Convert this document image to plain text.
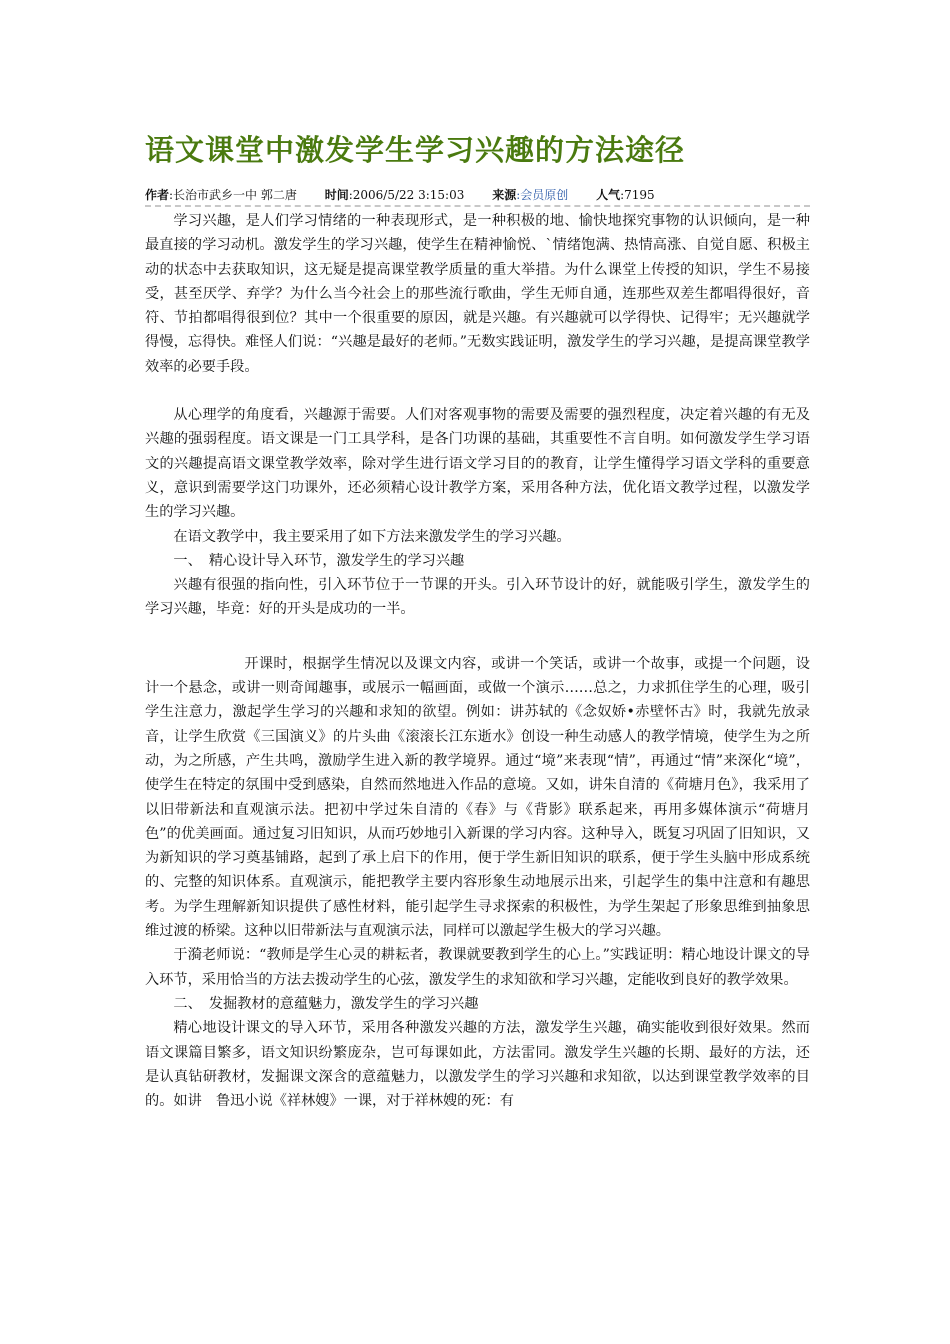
语文课堂中激发学生学习兴趣的方法途径
作者:长治市武乡一中 郭二唐 时间:2006/5/22 3:15:03 来源:会员原创 人气:7195

学习兴趣，是人们学习情绪的一种表现形式，是一种积极的地、愉快地探究事物的认识倾向，是一种最直接的学习动机。激发学生的学习兴趣，使学生在精神愉悦、`情绪饱满、热情高涨、自觉自愿、积极主动的状态中去获取知识，这无疑是提高课堂教学质量的重大举措。为什么课堂上传授的知识，学生不易接受，甚至厌学、弃学？为什么当今社会上的那些流行歌曲，学生无师自通，连那些双差生都唱得很好，音符、节拍都唱得很到位？其中一个很重要的原因，就是兴趣。有兴趣就可以学得快、记得牢；无兴趣就学得慢，忘得快。难怪人们说：“兴趣是最好的老师。”无数实践证明，激发学生的学习兴趣，是提高课堂教学效率的必要手段。

从心理学的角度看，兴趣源于需要。人们对客观事物的需要及需要的强烈程度，决定着兴趣的有无及兴趣的强弱程度。语文课是一门工具学科，是各门功课的基础，其重要性不言自明。如何激发学生学习语文的兴趣提高语文课堂教学效率，除对学生进行语文学习目的的教育，让学生懂得学习语文学科的重要意义，意识到需要学这门功课外，还必须精心设计教学方案，采用各种方法，优化语文教学过程，以激发学生的学习兴趣。

在语文教学中，我主要采用了如下方法来激发学生的学习兴趣。

一、　精心设计导入环节，激发学生的学习兴趣

兴趣有很强的指向性，引入环节位于一节课的开头。引入环节设计的好，就能吸引学生，激发学生的学习兴趣，毕竟：好的开头是成功的一半。

开课时，根据学生情况以及课文内容，或讲一个笑话，或讲一个故事，或提一个问题，设计一个悬念，或讲一则奇闻趣事，或展示一幅画面，或做一个演示……总之，力求抓住学生的心理，吸引学生注意力，激起学生学习的兴趣和求知的欲望。例如：讲苏轼的《念奴娇•赤壁怀古》时，我就先放录音，让学生欣赏《三国演义》的片头曲《滚滚长江东逝水》创设一种生动感人的教学情境，使学生为之所动，为之所感，产生共鸣，激励学生进入新的教学境界。通过“境”来表现“情”，再通过“情”来深化“境”，使学生在特定的氛围中受到感染，自然而然地进入作品的意境。又如，讲朱自清的《荷塘月色》，我采用了以旧带新法和直观演示法。把初中学过朱自清的《春》与《背影》联系起来，再用多媒体演示“荷塘月色”的优美画面。通过复习旧知识，从而巧妙地引入新课的学习内容。这种导入，既复习巩固了旧知识，又为新知识的学习奠基铺路，起到了承上启下的作用，便于学生新旧知识的联系，便于学生头脑中形成系统的、完整的知识体系。直观演示，能把教学主要内容形象生动地展示出来，引起学生的集中注意和有趣思考。为学生理解新知识提供了感性材料，能引起学生寻求探索的积极性，为学生架起了形象思维到抽象思维过渡的桥梁。这种以旧带新法与直观演示法，同样可以激起学生极大的学习兴趣。

于漪老师说：“教师是学生心灵的耕耘者，教课就要教到学生的心上。”实践证明：精心地设计课文的导入环节，采用恰当的方法去拨动学生的心弦，激发学生的求知欲和学习兴趣，定能收到良好的教学效果。

二、　发掘教材的意蕴魅力，激发学生的学习兴趣

精心地设计课文的导入环节，采用各种激发兴趣的方法，激发学生兴趣，确实能收到很好效果。然而语文课篇目繁多，语文知识纷繁庞杂，岂可每课如此，方法雷同。激发学生兴趣的长期、最好的方法，还是认真钻研教材，发掘课文深含的意蕴魅力，以激发学生的学习兴趣和求知欲，以达到课堂教学效率的目的。如讲　鲁迅小说《祥林嫂》一课，对于祥林嫂的死：有
